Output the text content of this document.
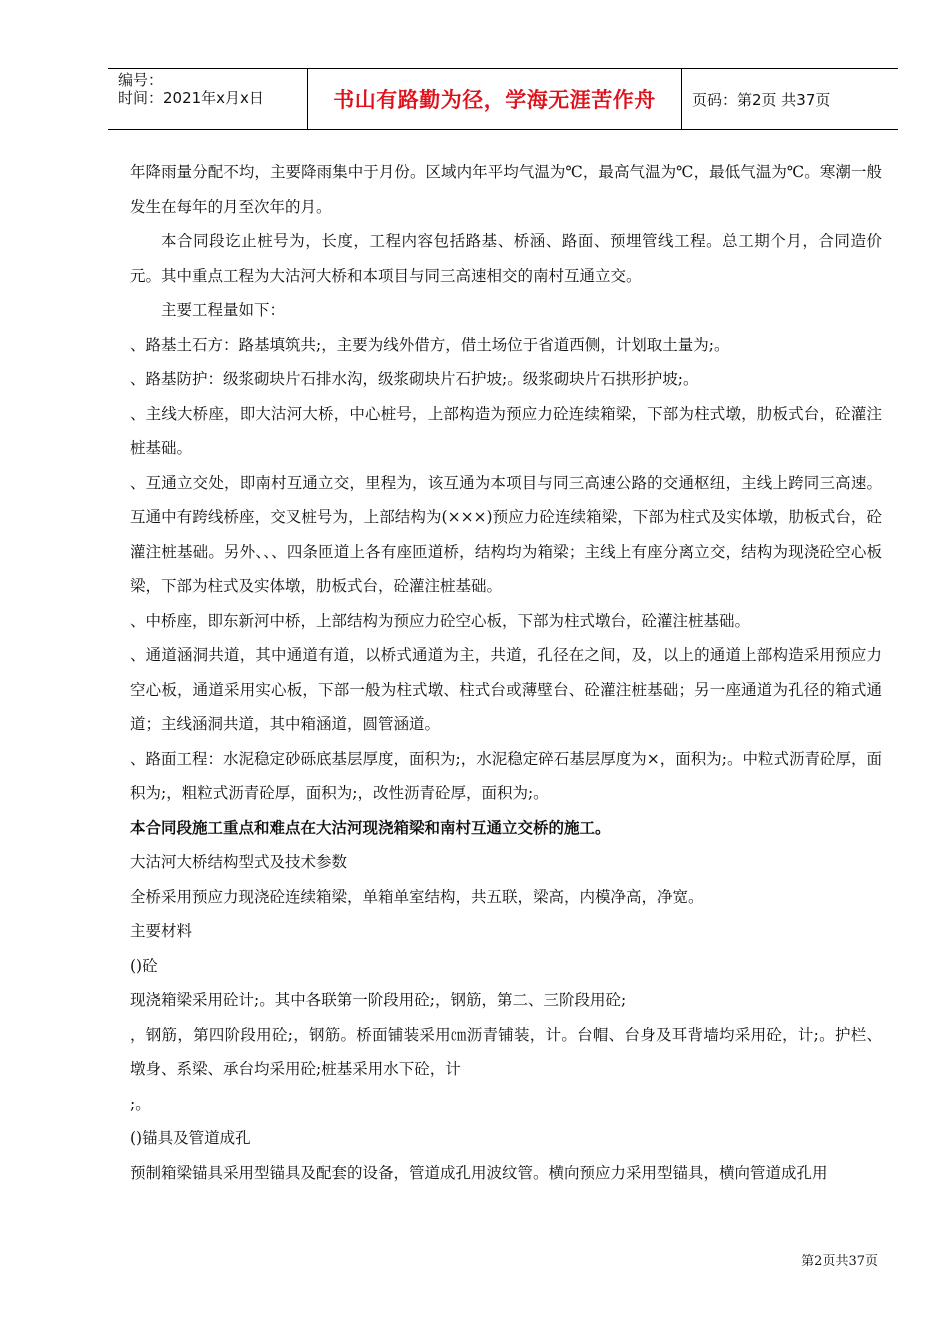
编号：
时间：2021年x月x日	书山有路勤为径，学海无涯苦作舟	页码：第2页 共37页

年降雨量分配不均，主要降雨集中于月份。区域内年平均气温为℃，最高气温为℃，最低气温为℃。寒潮一般发生在每年的月至次年的月。

本合同段讫止桩号为，长度，工程内容包括路基、桥涵、路面、预埋管线工程。总工期个月，合同造价元。其中重点工程为大沽河大桥和本项目与同三高速相交的南村互通立交。

主要工程量如下：

、路基土石方：路基填筑共;，主要为线外借方，借土场位于省道西侧，计划取土量为;。

、路基防护：级浆砌块片石排水沟，级浆砌块片石护坡;。级浆砌块片石拱形护坡;。

、主线大桥座，即大沽河大桥，中心桩号，上部构造为预应力砼连续箱梁，下部为柱式墩，肋板式台，砼灌注桩基础。

、互通立交处，即南村互通立交，里程为，该互通为本项目与同三高速公路的交通枢纽，主线上跨同三高速。互通中有跨线桥座，交叉桩号为，上部结构为(×××)预应力砼连续箱梁，下部为柱式及实体墩，肋板式台，砼灌注桩基础。另外、、、四条匝道上各有座匝道桥，结构均为箱梁；主线上有座分离立交，结构为现浇砼空心板梁，下部为柱式及实体墩，肋板式台，砼灌注桩基础。

、中桥座，即东新河中桥，上部结构为预应力砼空心板，下部为柱式墩台，砼灌注桩基础。

、通道涵洞共道，其中通道有道，以桥式通道为主，共道，孔径在之间，及，以上的通道上部构造采用预应力空心板，通道采用实心板，下部一般为柱式墩、柱式台或薄壁台、砼灌注桩基础；另一座通道为孔径的箱式通道；主线涵洞共道，其中箱涵道，圆管涵道。

、路面工程：水泥稳定砂砾底基层厚度，面积为;，水泥稳定碎石基层厚度为×，面积为;。中粒式沥青砼厚，面积为;，粗粒式沥青砼厚，面积为;，改性沥青砼厚，面积为;。

本合同段施工重点和难点在大沽河现浇箱梁和南村互通立交桥的施工。

大沽河大桥结构型式及技术参数

全桥采用预应力现浇砼连续箱梁，单箱单室结构，共五联，梁高，内模净高，净宽。

主要材料

()砼

现浇箱梁采用砼计;。其中各联第一阶段用砼;，钢筋，第二、三阶段用砼;

，钢筋，第四阶段用砼;，钢筋。桥面铺装采用㎝沥青铺装，计。台帽、台身及耳背墙均采用砼，计;。护栏、墩身、系梁、承台均采用砼;桩基采用水下砼，计

;。

()锚具及管道成孔

预制箱梁锚具采用型锚具及配套的设备，管道成孔用波纹管。横向预应力采用型锚具，横向管道成孔用

第2页共37页
